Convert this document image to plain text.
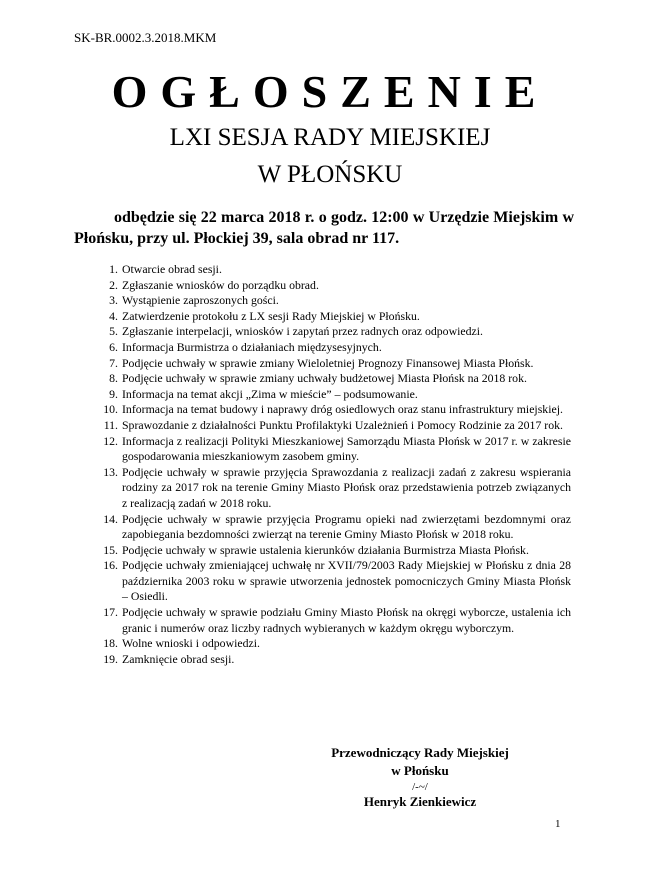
SK-BR.0002.3.2018.MKM
OGŁOSZENIE
LXI SESJA RADY MIEJSKIEJ
W PŁOŃSKU
odbędzie się 22 marca 2018 r. o godz. 12:00 w Urzędzie Miejskim w Płońsku, przy ul. Płockiej 39, sala obrad nr 117.
1. Otwarcie obrad sesji.
2. Zgłaszanie wniosków do porządku obrad.
3. Wystąpienie zaproszonych gości.
4. Zatwierdzenie protokołu z LX sesji Rady Miejskiej w Płońsku.
5. Zgłaszanie interpelacji, wniosków i zapytań przez radnych oraz odpowiedzi.
6. Informacja Burmistrza o działaniach międzysesyjnych.
7. Podjęcie uchwały w sprawie zmiany Wieloletniej Prognozy Finansowej Miasta Płońsk.
8. Podjęcie uchwały w sprawie zmiany uchwały budżetowej Miasta Płońsk na 2018 rok.
9. Informacja na temat akcji „Zima w mieście” – podsumowanie.
10. Informacja na temat budowy i naprawy dróg osiedlowych oraz stanu infrastruktury miejskiej.
11. Sprawozdanie z działalności Punktu Profilaktyki Uzależnień i Pomocy Rodzinie za 2017 rok.
12. Informacja z realizacji Polityki Mieszkaniowej Samorządu Miasta Płońsk w 2017 r. w zakresie gospodarowania mieszkaniowym zasobem gminy.
13. Podjęcie uchwały w sprawie przyjęcia Sprawozdania z realizacji zadań z zakresu wspierania rodziny za 2017 rok na terenie Gminy Miasto Płońsk oraz przedstawienia potrzeb związanych z realizacją zadań w 2018 roku.
14. Podjęcie uchwały w sprawie przyjęcia Programu opieki nad zwierzętami bezdomnymi oraz zapobiegania bezdomności zwierząt na terenie Gminy Miasto Płońsk w 2018 roku.
15. Podjęcie uchwały w sprawie ustalenia kierunków działania Burmistrza Miasta Płońsk.
16. Podjęcie uchwały zmieniającej uchwałę nr XVII/79/2003 Rady Miejskiej w Płońsku z dnia 28 października 2003 roku w sprawie utworzenia jednostek pomocniczych Gminy Miasta Płońsk – Osiedli.
17. Podjęcie uchwały w sprawie podziału Gminy Miasto Płońsk na okręgi wyborcze, ustalenia ich granic i numerów oraz liczby radnych wybieranych w każdym okręgu wyborczym.
18. Wolne wnioski i odpowiedzi.
19. Zamknięcie obrad sesji.
Przewodniczący Rady Miejskiej
w Płońsku
/-~/
Henryk Zienkiewicz
1
